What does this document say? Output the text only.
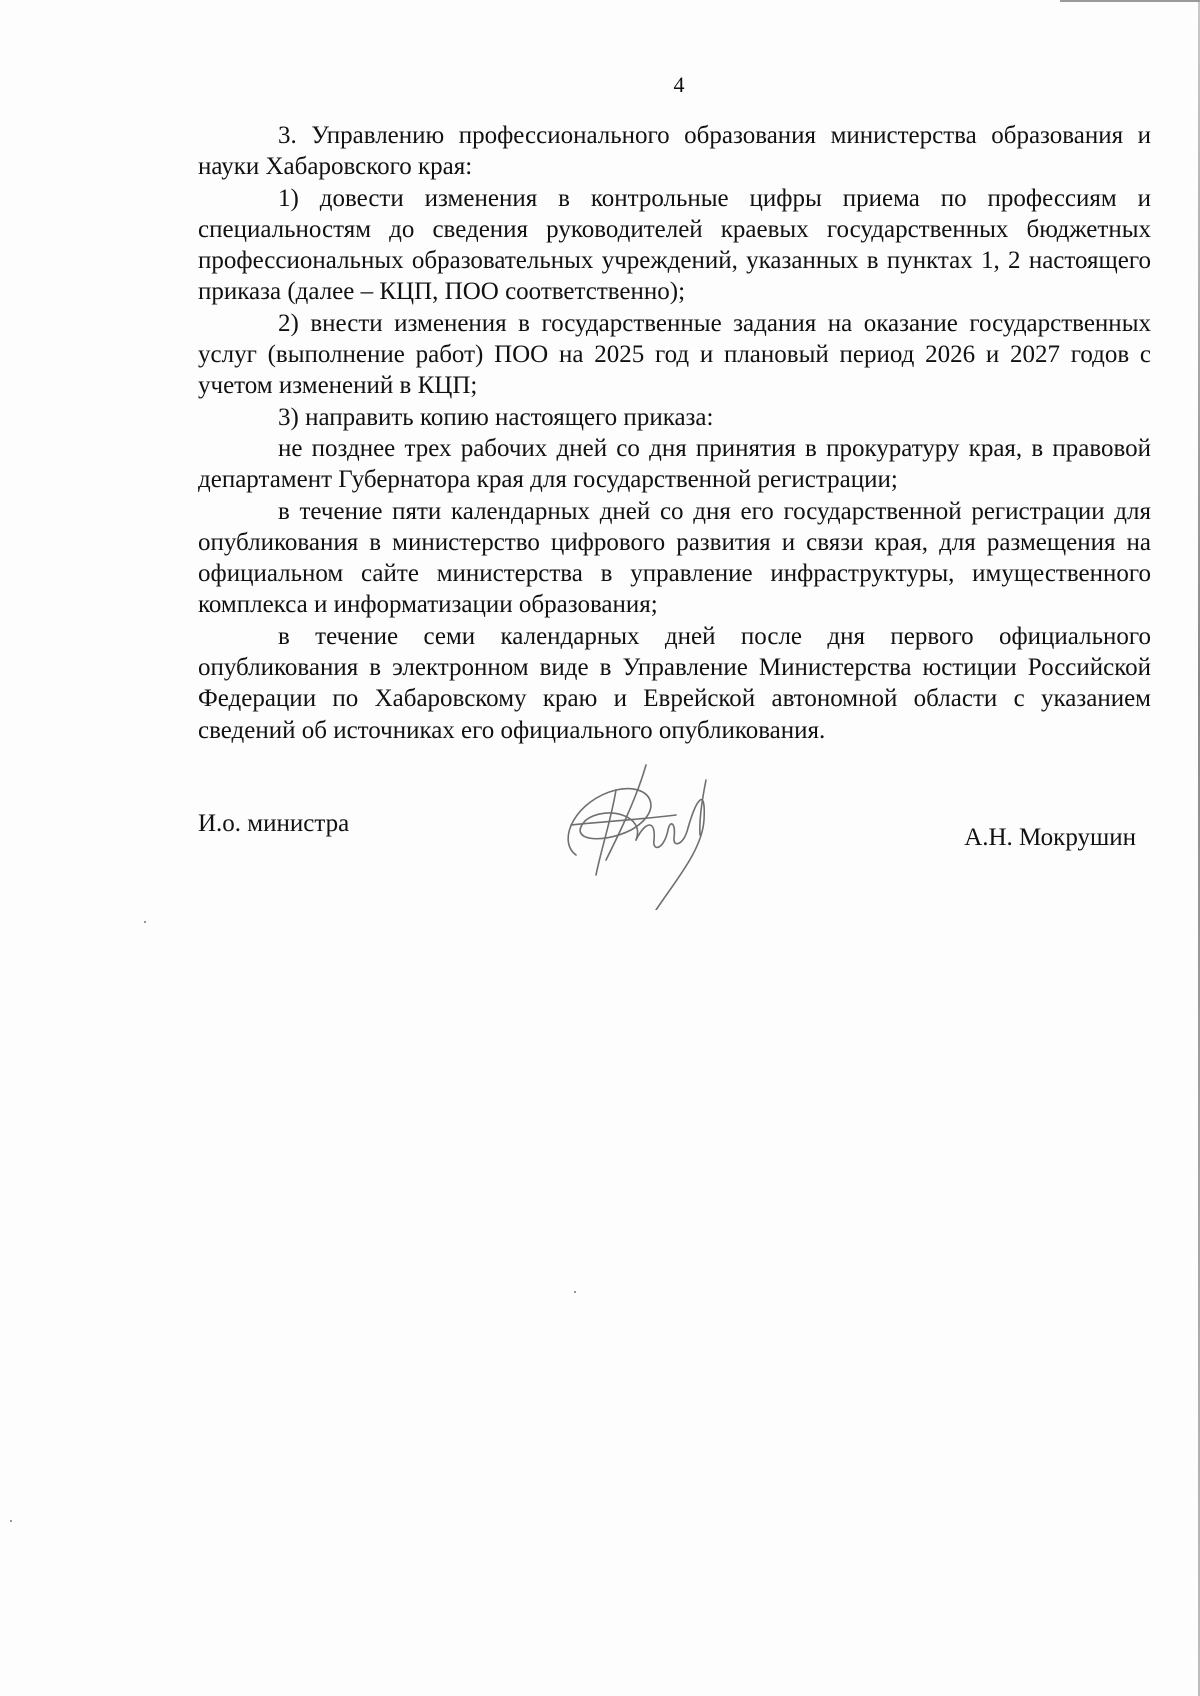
4

3. Управлению профессионального образования министерства образования и науки Хабаровского края:

1) довести изменения в контрольные цифры приема по профессиям и специальностям до сведения руководителей краевых государственных бюджетных профессиональных образовательных учреждений, указанных в пунктах 1, 2 настоящего приказа (далее – КЦП, ПОО соответственно);

2) внести изменения в государственные задания на оказание государственных услуг (выполнение работ) ПОО на 2025 год и плановый период 2026 и 2027 годов с учетом изменений в КЦП;

3) направить копию настоящего приказа:

не позднее трех рабочих дней со дня принятия в прокуратуру края, в правовой департамент Губернатора края для государственной регистрации;

в течение пяти календарных дней со дня его государственной регистрации для опубликования в министерство цифрового развития и связи края, для размещения на официальном сайте министерства в управление инфраструктуры, имущественного комплекса и информатизации образования;

в течение семи календарных дней после дня первого официального опубликования в электронном виде в Управление Министерства юстиции Российской Федерации по Хабаровскому краю и Еврейской автономной области с указанием сведений об источниках его официального опубликования.

И.о. министра
А.Н. Мокрушин
